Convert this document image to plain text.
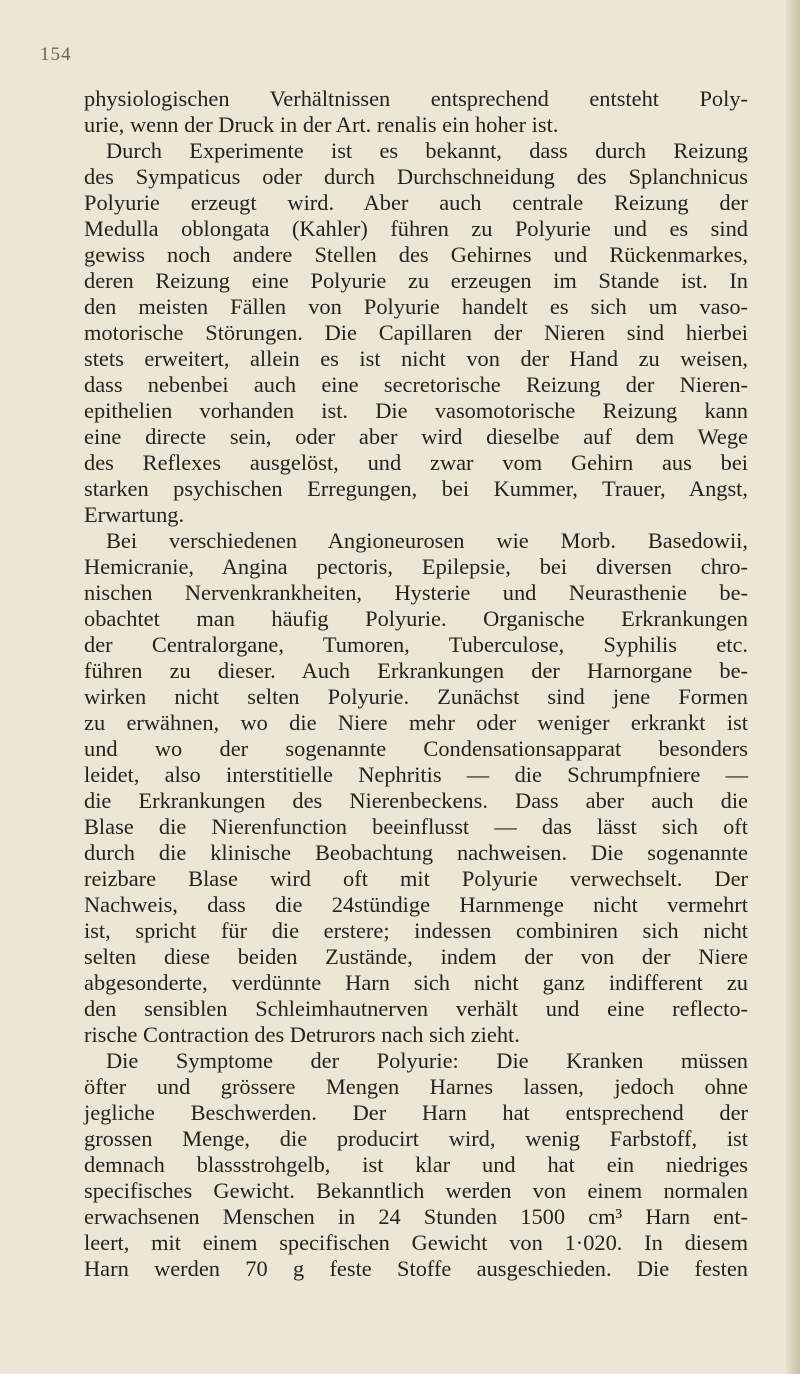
154
physiologischen Verhältnissen entsprechend entsteht Poly-
urie, wenn der Druck in der Art. renalis ein hoher ist.
Durch Experimente ist es bekannt, dass durch Reizung
des Sympaticus oder durch Durchschneidung des Splanchnicus
Polyurie erzeugt wird. Aber auch centrale Reizung der
Medulla oblongata (Kahler) führen zu Polyurie und es sind
gewiss noch andere Stellen des Gehirnes und Rückenmarkes,
deren Reizung eine Polyurie zu erzeugen im Stande ist. In
den meisten Fällen von Polyurie handelt es sich um vaso-
motorische Störungen. Die Capillaren der Nieren sind hierbei
stets erweitert, allein es ist nicht von der Hand zu weisen,
dass nebenbei auch eine secretorische Reizung der Nieren-
epithelien vorhanden ist. Die vasomotorische Reizung kann
eine directe sein, oder aber wird dieselbe auf dem Wege
des Reflexes ausgelöst, und zwar vom Gehirn aus bei
starken psychischen Erregungen, bei Kummer, Trauer, Angst,
Erwartung.
Bei verschiedenen Angioneurosen wie Morb. Basedowii,
Hemicranie, Angina pectoris, Epilepsie, bei diversen chro-
nischen Nervenkrankheiten, Hysterie und Neurasthenie be-
obachtet man häufig Polyurie. Organische Erkrankungen
der Centralorgane, Tumoren, Tuberculose, Syphilis etc.
führen zu dieser. Auch Erkrankungen der Harnorgane be-
wirken nicht selten Polyurie. Zunächst sind jene Formen
zu erwähnen, wo die Niere mehr oder weniger erkrankt ist
und wo der sogenannte Condensationsapparat besonders
leidet, also interstitielle Nephritis — die Schrumpfniere —
die Erkrankungen des Nierenbeckens. Dass aber auch die
Blase die Nierenfunction beeinflusst — das lässt sich oft
durch die klinische Beobachtung nachweisen. Die sogenannte
reizbare Blase wird oft mit Polyurie verwechselt. Der
Nachweis, dass die 24stündige Harnmenge nicht vermehrt
ist, spricht für die erstere; indessen combiniren sich nicht
selten diese beiden Zustände, indem der von der Niere
abgesonderte, verdünnte Harn sich nicht ganz indifferent zu
den sensiblen Schleimhautnerven verhält und eine reflecto-
rische Contraction des Detrurors nach sich zieht.
Die Symptome der Polyurie: Die Kranken müssen
öfter und grössere Mengen Harnes lassen, jedoch ohne
jegliche Beschwerden. Der Harn hat entsprechend der
grossen Menge, die producirt wird, wenig Farbstoff, ist
demnach blassstrohgelb, ist klar und hat ein niedriges
specifisches Gewicht. Bekanntlich werden von einem normalen
erwachsenen Menschen in 24 Stunden 1500 cm³ Harn ent-
leert, mit einem specifischen Gewicht von 1·020. In diesem
Harn werden 70 g feste Stoffe ausgeschieden. Die festen
